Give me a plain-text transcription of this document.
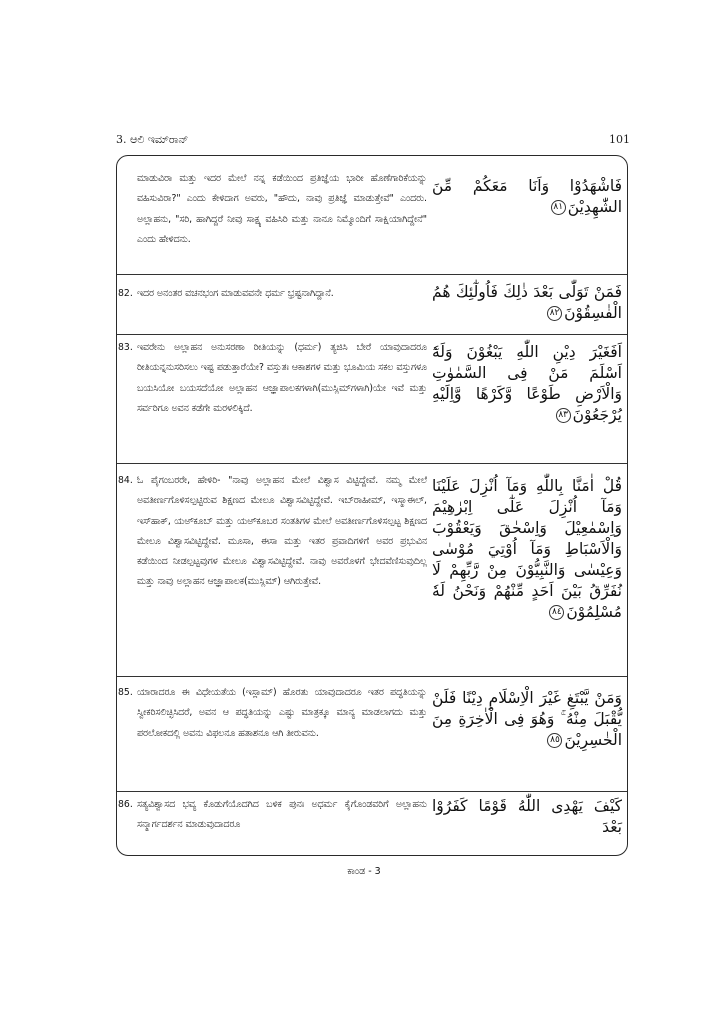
3. ಆಲಿ ಇಮ್‌ರಾನ್	101
ಮಾಡುವಿರಾ ಮತ್ತು ಇದರ ಮೇಲೆ ನನ್ನ ಕಡೆಯಿಂದ ಪ್ರತಿಜ್ಞೆಯ ಭಾರೀ ಹೊಣೆಗಾರಿಕೆಯನ್ನು ವಹಿಸುವಿರಾ?" ಎಂದು ಕೇಳಿದಾಗ ಅವರು, "ಹೌದು, ನಾವು ಪ್ರತಿಜ್ಞೆ ಮಾಡುತ್ತೇವೆ" ಎಂದರು. ಅಲ್ಲಾಹನು, "ಸರಿ, ಹಾಗಿದ್ದರೆ ನೀವು ಸಾಕ್ಷ್ಯ ವಹಿಸಿರಿ ಮತ್ತು ನಾನೂ ನಿಮ್ಮೊಂದಿಗೆ ಸಾಕ್ಷಿಯಾಗಿದ್ದೇನೆ" ಎಂದು ಹೇಳಿದನು.
فَاشْهَدُوْا وَاَنَا مَعَكُمْ مِّنَ الشّٰهِدِيْنَ٨١
82. ಇದರ ಅನಂತರ ವಚನಭಂಗ ಮಾಡುವವನೇ ಧರ್ಮ ಭ್ರಷ್ಟನಾಗಿದ್ದಾನೆ.	فَمَنْ تَوَلّٰى بَعْدَ ذٰلِكَ فَاُولٰٓئِكَ هُمُ الْفٰسِقُوْنَ٨٢
83. ಇವರೇನು ಅಲ್ಲಾಹನ ಅನುಸರಣಾ ರೀತಿಯನ್ನು (ಧರ್ಮ) ತ್ಯಜಿಸಿ ಬೇರೆ ಯಾವುದಾದರೂ ರೀತಿಯನ್ನನುಸರಿಸಲು ಇಷ್ಟ ಪಡುತ್ತಾರೆಯೇ? ವಸ್ತುತಃ ಆಕಾಶಗಳ ಮತ್ತು ಭೂಮಿಯ ಸಕಲ ವಸ್ತುಗಳೂ ಬಯಸಿಯೋ ಬಯಸದೆಯೋ ಅಲ್ಲಾಹನ ಆಜ್ಞಾಪಾಲಕಗಳಾಗಿ(ಮುಸ್ಲಿಮ್‌ಗಳಾಗಿ)ಯೇ ಇವೆ ಮತ್ತು ಸರ್ವರಿಗೂ ಅವನ ಕಡೆಗೇ ಮರಳಲಿಕ್ಕಿದೆ.
اَفَغَيْرَ دِيْنِ اللّٰهِ يَبْغُوْنَ وَلَهٗٓ اَسْلَمَ مَنْ فِى السَّمٰوٰتِ وَالْاَرْضِ طَوْعًا وَّكَرْهًا وَّاِلَيْهِ يُرْجَعُوْنَ٨٣
84. ಓ ಪೈಗಂಬರರೇ, ಹೇಳಿರಿ- "ನಾವು ಅಲ್ಲಾಹನ ಮೇಲೆ ವಿಶ್ವಾಸ ವಿಟ್ಟಿದ್ದೇವೆ. ನಮ್ಮ ಮೇಲೆ ಅವತೀರ್ಣಗೊಳಿಸಲ್ಪಟ್ಟಿರುವ ಶಿಕ್ಷಣದ ಮೇಲೂ ವಿಶ್ವಾಸವಿಟ್ಟಿದ್ದೇವೆ. ಇಬ್‌ರಾಹೀಮ್, ಇಸ್ಮಾಈಲ್, ಇಸ್‌ಹಾಕ್, ಯಅ್‌ಕೂಬ್ ಮತ್ತು ಯಅ್‌ಕೂಬರ ಸಂತತಿಗಳ ಮೇಲೆ ಅವತೀರ್ಣಗೊಳಿಸಲ್ಪಟ್ಟ ಶಿಕ್ಷಣದ ಮೇಲೂ ವಿಶ್ವಾಸವಿಟ್ಟಿದ್ದೇವೆ. ಮೂಸಾ, ಈಸಾ ಮತ್ತು ಇತರ ಪ್ರವಾದಿಗಳಿಗೆ ಅವರ ಪ್ರಭುವಿನ ಕಡೆಯಿಂದ ನೀಡಲ್ಪಟ್ಟವುಗಳ ಮೇಲೂ ವಿಶ್ವಾಸವಿಟ್ಟಿದ್ದೇವೆ. ನಾವು ಅವರೊಳಗೆ ಭೇದವೆಣಿಸುವುದಿಲ್ಲ ಮತ್ತು ನಾವು ಅಲ್ಲಾಹನ ಆಜ್ಞಾಪಾಲಕ(ಮುಸ್ಲಿಮ್) ಆಗಿರುತ್ತೇವೆ.
قُلْ اٰمَنَّا بِاللّٰهِ وَمَآ اُنْزِلَ عَلَيْنَا وَمَآ اُنْزِلَ عَلٰٓى اِبْرٰهِيْمَ وَاِسْمٰعِيْلَ وَاِسْحٰقَ وَيَعْقُوْبَ وَالْاَسْبَاطِ وَمَآ اُوْتِيَ مُوْسٰى وَعِيْسٰى وَالنَّبِيُّوْنَ مِنْ رَّبِّهِمْ لَا نُفَرِّقُ بَيْنَ اَحَدٍ مِّنْهُمْ وَنَحْنُ لَهٗ مُسْلِمُوْنَ٨٤
85. ಯಾರಾದರೂ ಈ ವಿಧೇಯತೆಯ (ಇಸ್ಲಾಮ್) ಹೊರತು ಯಾವುದಾದರೂ ಇತರ ಪದ್ಧತಿಯನ್ನು ಸ್ವೀಕರಿಸಲಿಚ್ಛಿಸಿದರೆ, ಅವನ ಆ ಪದ್ಧತಿಯನ್ನು ಎಷ್ಟು ಮಾತ್ರಕ್ಕೂ ಮಾನ್ಯ ಮಾಡಲಾಗದು ಮತ್ತು ಪರಲೋಕದಲ್ಲಿ ಅವನು ವಿಫಲನೂ ಹತಾಶನೂ ಆಗಿ ತೀರುವನು.
وَمَنْ يَّبْتَغِ غَيْرَ الْاِسْلَامِ دِيْنًا فَلَنْ يُّقْبَلَ مِنْهُ ۚ وَهُوَ فِى الْاٰخِرَةِ مِنَ الْخٰسِرِيْنَ٨٥
86. ಸತ್ಯವಿಶ್ವಾಸದ ಭವ್ಯ ಕೊಡುಗೆಯೊದಗಿದ ಬಳಿಕ ಪುನಃ ಅಧರ್ಮ ಕೈಗೊಂಡವರಿಗೆ ಅಲ್ಲಾಹನು ಸನ್ಮಾರ್ಗದರ್ಶನ ಮಾಡುವುದಾದರೂ
كَيْفَ يَهْدِى اللّٰهُ قَوْمًا كَفَرُوْا بَعْدَ
ಕಾಂಡ - 3
